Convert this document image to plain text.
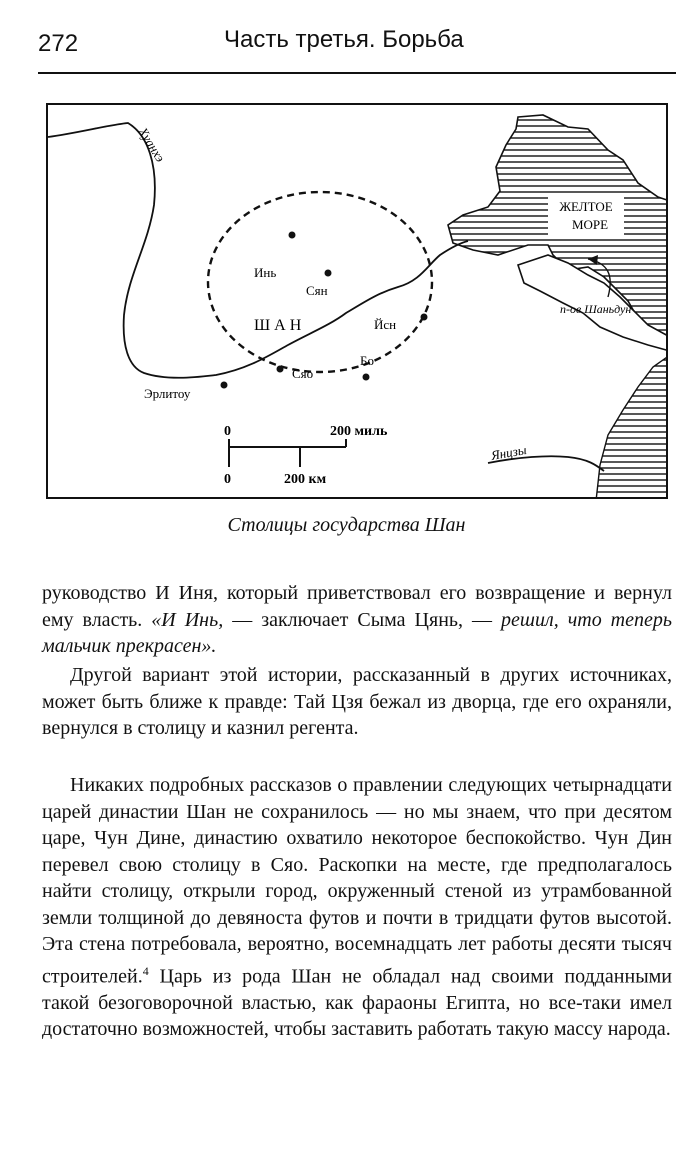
272	Часть третья. Борьба
ЖЕЛТОЕ
МОРЕ
Инь
Сян
Йсн
Бо
Сяо
Эрлитоу
ШАН
Хуанхэ
Янцзы
п-ов Шаньдун
0	200 миль
0	200 км
Столицы государства Шан

руководство И Иня, который приветствовал его возвращение и вернул ему власть. «И Инь, — заключает Сыма Цянь, — решил, что теперь мальчик прекрасен».

Другой вариант этой истории, рассказанный в других источниках, может быть ближе к правде: Тай Цзя бежал из дворца, где его охраняли, вернулся в столицу и казнил регента.

Никаких подробных рассказов о правлении следующих четырнадцати царей династии Шан не сохранилось — но мы знаем, что при десятом царе, Чун Дине, династию охватило некоторое беспокойство. Чун Дин перевел свою столицу в Сяо. Раскопки на месте, где предполагалось найти столицу, открыли город, окруженный стеной из утрамбованной земли толщиной до девяноста футов и почти в тридцати футов высотой. Эта стена потребовала, вероятно, восемнадцать лет работы десяти тысяч строителей.$^4$ Царь из рода Шан не обладал над своими подданными такой безоговорочной властью, как фараоны Египта, но все-таки имел достаточно возможностей, чтобы заставить работать такую массу народа.
